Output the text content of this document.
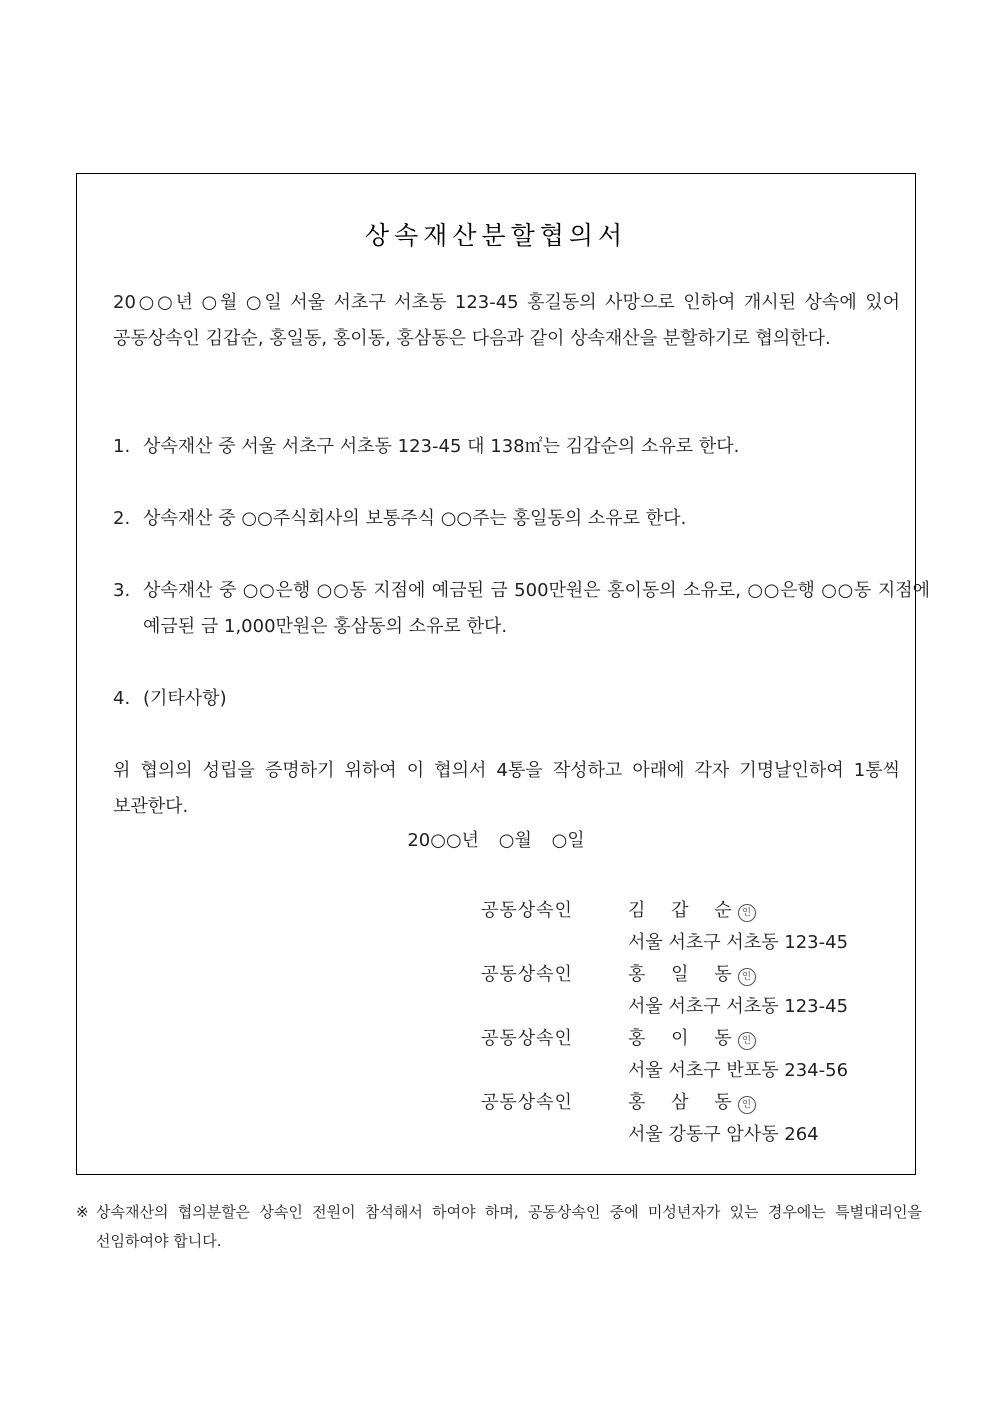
상속재산분할협의서
20○○년 ○월 ○일 서울 서초구 서초동 123-45 홍길동의 사망으로 인하여 개시된 상속에 있어 공동상속인 김갑순, 홍일동, 홍이동, 홍삼동은 다음과 같이 상속재산을 분할하기로 협의한다.
1. 상속재산 중 서울 서초구 서초동 123-45 대 138㎡는 김갑순의 소유로 한다.
2. 상속재산 중 ○○주식회사의 보통주식 ○○주는 홍일동의 소유로 한다.
3. 상속재산 중 ○○은행 ○○동 지점에 예금된 금 500만원은 홍이동의 소유로, ○○은행 ○○동 지점에 예금된 금 1,000만원은 홍삼동의 소유로 한다.
4. (기타사항)
위 협의의 성립을 증명하기 위하여 이 협의서 4통을 작성하고 아래에 각자 기명날인하여 1통씩 보관한다.
20○○년 ○월 ○일
공동상속인	김 갑 순인
서울 서초구 서초동 123-45
공동상속인	홍 일 동인
서울 서초구 서초동 123-45
공동상속인	홍 이 동인
서울 서초구 반포동 234-56
공동상속인	홍 삼 동인
서울 강동구 암사동 264
※ 상속재산의 협의분할은 상속인 전원이 참석해서 하여야 하며, 공동상속인 중에 미성년자가 있는 경우에는 특별대리인을 선임하여야 합니다.
